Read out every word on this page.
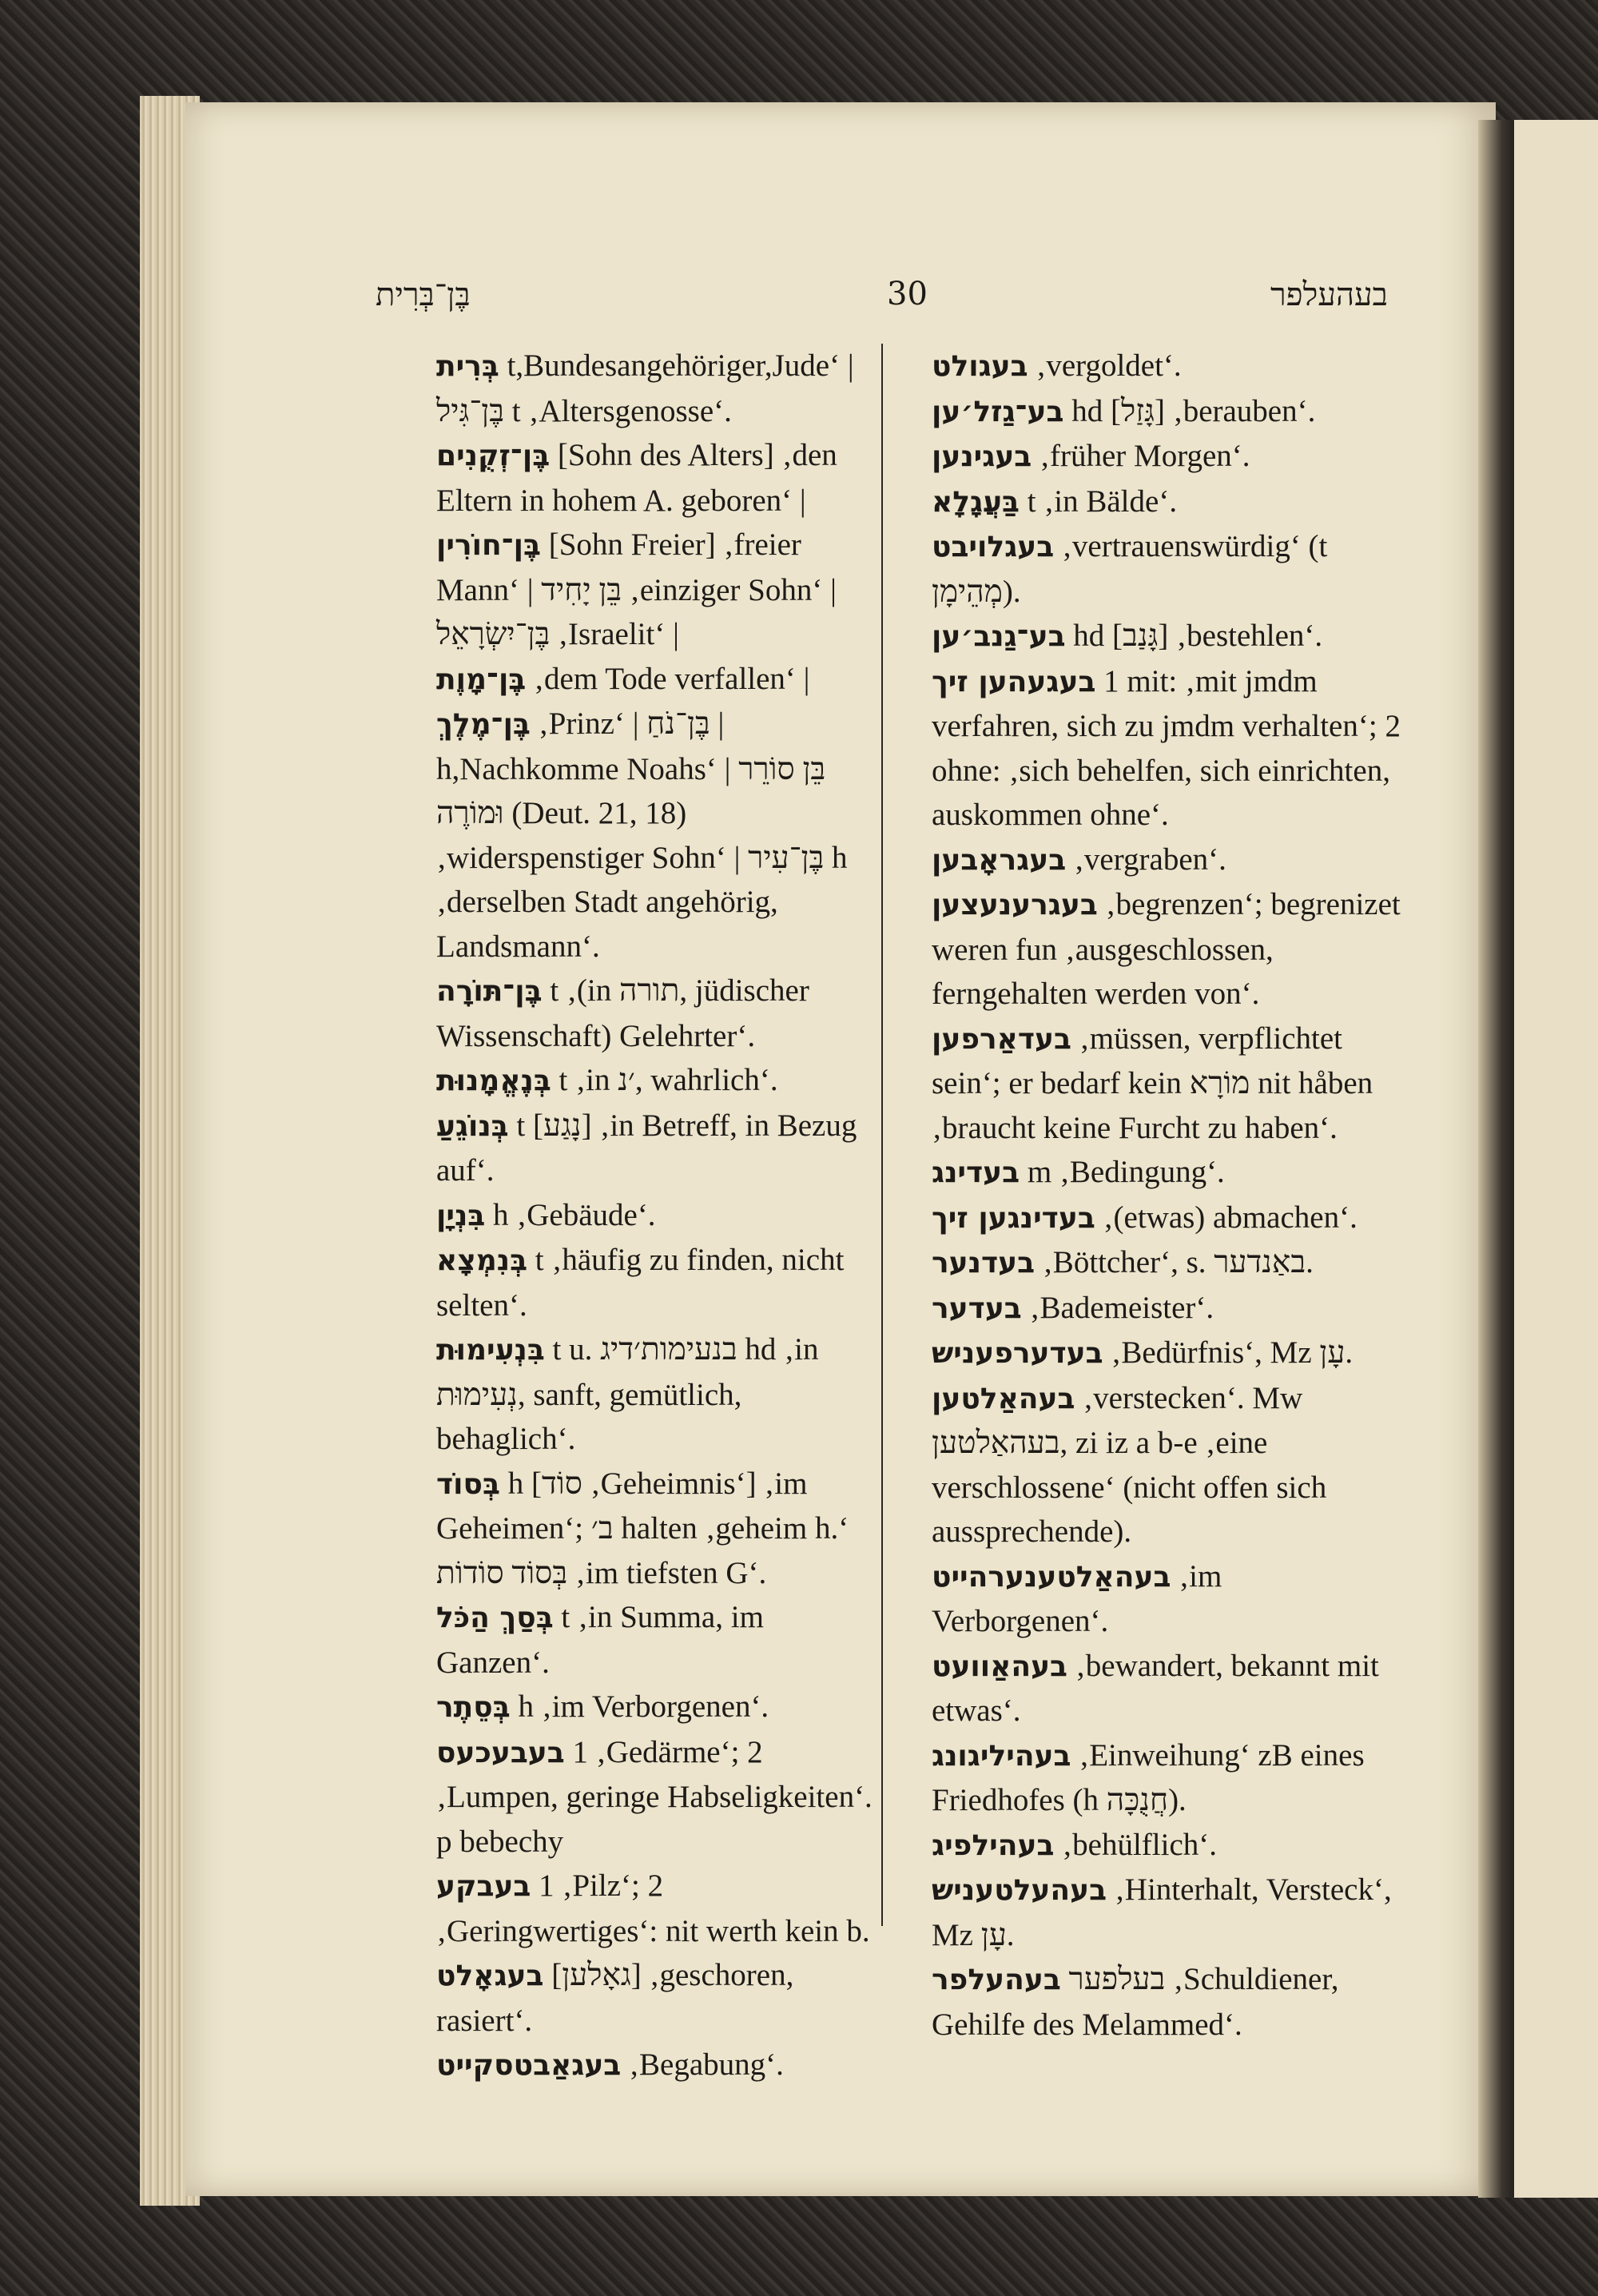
בֶּן־בְּרִית	30	בעהעלפר
בְּרִית t,Bundesangehöriger,Jude‘ | בֶּן־גִּיל t ‚Altersgenosse‘.
בֶּן־זְקֻנִים [Sohn des Alters] ‚den Eltern in hohem A. geboren‘ |
בֶּן־חוֹרִין [Sohn Freier] ‚freier Mann‘ | בֵּן יָחִיד ‚einziger Sohn‘ | בֶּן־יִשְׂרָאֵל ‚Israelit‘ |
בֶּן־מָוֶת ‚dem Tode verfallen‘ |
בֶּן־מֶלֶךְ ‚Prinz‘ | בֶּן־נֹחַ | h,Nachkomme Noahs‘ | בֵּן סוֹרֵר וּמוֹרֶה (Deut. 21, 18) ‚widerspenstiger Sohn‘ | בֶּן־עִיר h ‚derselben Stadt angehörig, Landsmann‘.
בֶּן־תּוֹרָה t ‚(in תורה, jüdischer Wissenschaft) Gelehrter‘.
בְּנֶאֱמָנוּת t ‚in ׳נ, wahrlich‘.
בְּנוֹגֵעַ t [נָגַע] ‚in Betreff, in Bezug auf‘.
בִּנְיָן h ‚Gebäude‘.
בְּנִמְצָא t ‚häufig zu finden, nicht selten‘.
בִּנְעִימוּת t u. בנעימות׳דיג hd ‚in נְעִימוּת, sanft, gemütlich, behaglich‘.
בְּסוֹד h [סוֹד ‚Geheimnis‘] ‚im Geheimen‘; ב׳ halten ‚geheim h.‘ בְּסוֹד סוֹדוֹת ‚im tiefsten G‘.
בְּסַךְ הַכֹּל t ‚in Summa, im Ganzen‘.
בְּסֵתֶר h ‚im Verborgenen‘.
בעבעכעס 1 ‚Gedärme‘; 2 ‚Lumpen, geringe Habseligkeiten‘. p bebechy
בעבקע 1 ‚Pilz‘; 2 ‚Geringwertiges‘: nit werth kein b.
בעגאָלט [גאָלען] ‚geschoren, rasiert‘.
בעגאַבטסקייט ‚Begabung‘.
בעגולט ‚vergoldet‘.
בע־גַזל׳ען hd [גָּזַל] ‚berauben‘.
בעגינען ‚früher Morgen‘.
בַּעֲגָלָא t ‚in Bälde‘.
בעגלויבט ‚vertrauenswürdig‘ (t מְהֵימָן).
בע־גַנב׳ען hd [גָּנַב] ‚bestehlen‘.
בעגעהען זיך 1 mit: ‚mit jmdm verfahren, sich zu jmdm verhalten‘; 2 ohne: ‚sich behelfen, sich einrichten, auskommen ohne‘.
בעגראָבען ‚vergraben‘.
בעגרענעצען ‚begrenzen‘; begrenizet weren fun ‚ausgeschlossen, ferngehalten werden von‘.
בעדאַרפען ‚müssen, verpflichtet sein‘; er bedarf kein מוֹרָא nit håben ‚braucht keine Furcht zu haben‘.
בעדינג m ‚Bedingung‘.
בעדינגען זיך ‚(etwas) abmachen‘.
בעדנער ‚Böttcher‘, s. באַנדער.
בעדער ‚Bademeister‘.
בעדערפעניש ‚Bedürfnis‘, Mz עָן.
בעהאַלטען ‚verstecken‘. Mw בעהאַלטען, zi iz a b-e ‚eine verschlossene‘ (nicht offen sich aussprechende).
בעהאַלטענערהייט ‚im Verborgenen‘.
בעהאַוועט ‚bewandert, bekannt mit etwas‘.
בעהיליגונג ‚Einweihung‘ zB eines Friedhofes (h חֲנֻכָּה).
בעהילפיג ‚behülflich‘.
בעהעלטעניש ‚Hinterhalt, Versteck‘, Mz עָן.
בעהעלפר בעלפער ‚Schuldiener, Gehilfe des Melammed‘.
